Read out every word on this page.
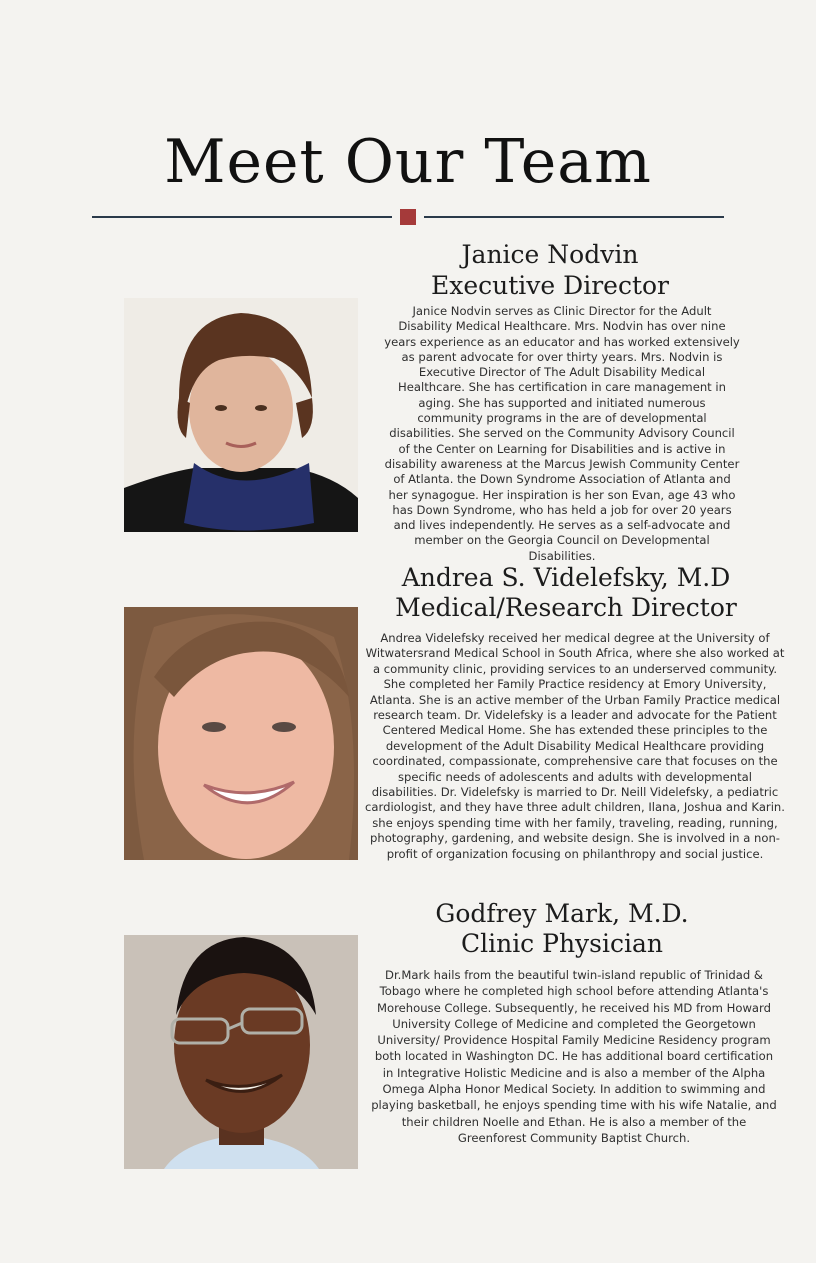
Meet Our Team
Janice Nodvin
Executive Director
Janice Nodvin serves as Clinic Director for the Adult Disability Medical Healthcare. Mrs. Nodvin has over nine years experience as an educator and has worked extensively as parent advocate for over thirty years. Mrs. Nodvin is Executive Director of The Adult Disability Medical Healthcare. She has certification in care management in aging. She has supported and initiated numerous community programs in the are of developmental disabilities. She served on the Community Advisory Council of the Center on Learning for Disabilities and is active in disability awareness at the Marcus Jewish Community Center of Atlanta. the Down Syndrome Association of Atlanta and her synagogue. Her inspiration is her son Evan, age 43 who has Down Syndrome, who has held a job for over 20 years and lives independently. He serves as a self-advocate and member on the Georgia Council on Developmental Disabilities.
Andrea S. Videlefsky, M.D
Medical/Research Director
Andrea Videlefsky received her medical degree at the University of Witwatersrand Medical School in South Africa, where she also worked at a community clinic, providing services to an underserved community. She completed her Family Practice residency at Emory University, Atlanta. She is an active member of the Urban Family Practice medical research team. Dr. Videlefsky is a leader and advocate for the Patient Centered Medical Home. She has extended these principles to the development of the Adult Disability Medical Healthcare providing coordinated, compassionate, comprehensive care that focuses on the specific needs of adolescents and adults with developmental disabilities. Dr. Videlefsky is married to Dr. Neill Videlefsky, a pediatric cardiologist, and they have three adult children, Ilana, Joshua and Karin. she enjoys spending time with her family, traveling, reading, running, photography, gardening, and website design. She is involved in a non-profit of organization focusing on philanthropy and social justice.
Godfrey Mark, M.D.
Clinic Physician
Dr.Mark hails from the beautiful twin-island republic of Trinidad & Tobago where he completed high school before attending Atlanta's Morehouse College. Subsequently, he received his MD from Howard University College of Medicine and completed the Georgetown University/ Providence Hospital Family Medicine Residency program both located in Washington DC. He has additional board certification in Integrative Holistic Medicine and is also a member of the Alpha Omega Alpha Honor Medical Society. In addition to swimming and playing basketball, he enjoys spending time with his wife Natalie, and their children Noelle and Ethan. He is also a member of the Greenforest Community Baptist Church.
